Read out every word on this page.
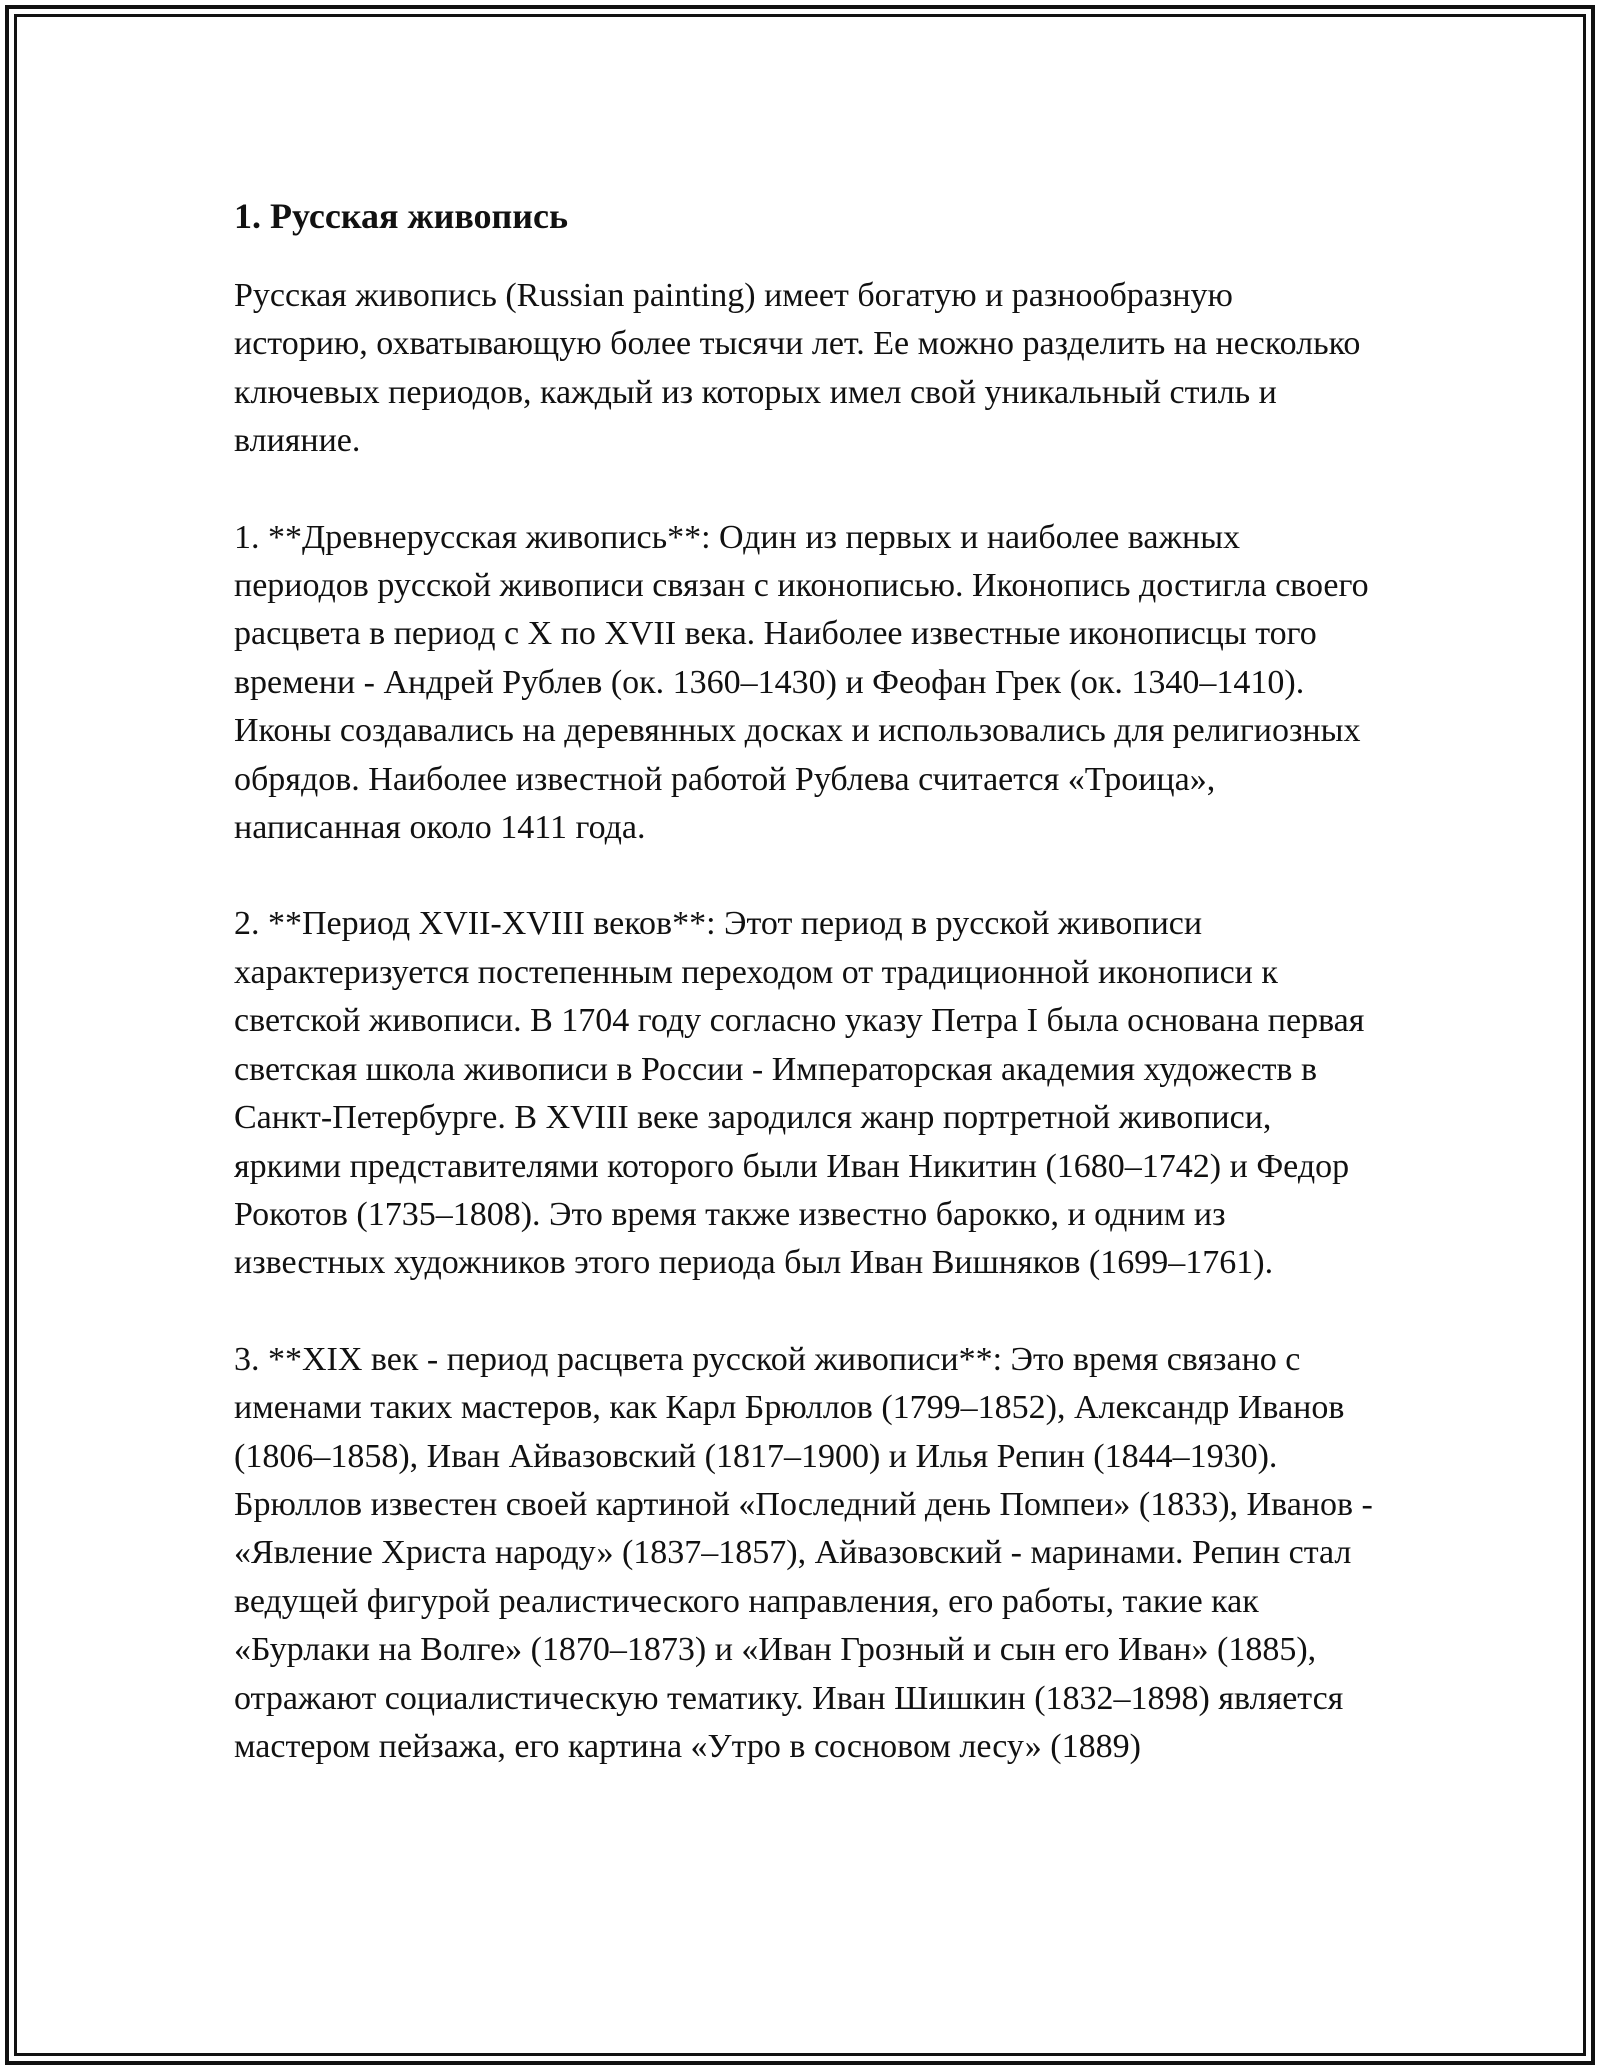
1. Русская живопись

Русская живопись (Russian painting) имеет богатую и разнообразную историю, охватывающую более тысячи лет. Ее можно разделить на несколько ключевых периодов, каждый из которых имел свой уникальный стиль и влияние.

1. **Древнерусская живопись**: Один из первых и наиболее важных периодов русской живописи связан с иконописью. Иконопись достигла своего расцвета в период с X по XVII века. Наиболее известные иконописцы того времени - Андрей Рублев (ок. 1360–1430) и Феофан Грек (ок. 1340–1410). Иконы создавались на деревянных досках и использовались для религиозных обрядов. Наиболее известной работой Рублева считается «Троица», написанная около 1411 года.

2. **Период XVII-XVIII веков**: Этот период в русской живописи характеризуется постепенным переходом от традиционной иконописи к светской живописи. В 1704 году согласно указу Петра I была основана первая светская школа живописи в России - Императорская академия художеств в Санкт-Петербурге. В XVIII веке зародился жанр портретной живописи, яркими представителями которого были Иван Никитин (1680–1742) и Федор Рокотов (1735–1808). Это время также известно барокко, и одним из известных художников этого периода был Иван Вишняков (1699–1761).

3. **XIX век - период расцвета русской живописи**: Это время связано с именами таких мастеров, как Карл Брюллов (1799–1852), Александр Иванов (1806–1858), Иван Айвазовский (1817–1900) и Илья Репин (1844–1930). Брюллов известен своей картиной «Последний день Помпеи» (1833), Иванов - «Явление Христа народу» (1837–1857), Айвазовский - маринами. Репин стал ведущей фигурой реалистического направления, его работы, такие как «Бурлаки на Волге» (1870–1873) и «Иван Грозный и сын его Иван» (1885), отражают социалистическую тематику. Иван Шишкин (1832–1898) является мастером пейзажа, его картина «Утро в сосновом лесу» (1889)
